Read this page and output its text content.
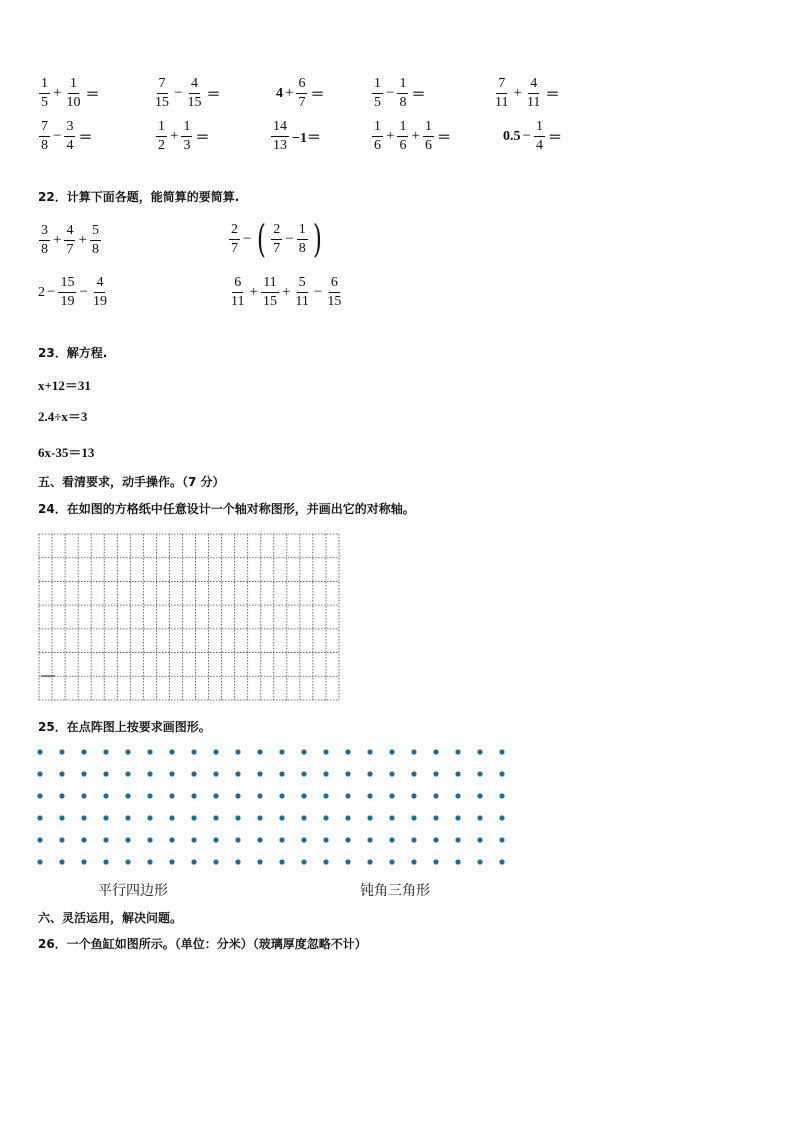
$\frac{1}{5} + \frac{1}{10}$ ＝	$\frac{7}{15} - \frac{4}{15}$ ＝	$4 + \frac{6}{7}$ ＝	$\frac{1}{5} - \frac{1}{8}$ ＝	$\frac{7}{11} + \frac{4}{11}$ ＝
$\frac{7}{8} - \frac{3}{4}$ ＝	$\frac{1}{2} + \frac{1}{3}$ ＝	$\frac{14}{13} -1=$	$\frac{1}{6} + \frac{1}{6} + \frac{1}{6}$ ＝	$0.5 - \frac{1}{4}$ ＝
22．计算下面各题，能简算的要简算.
$\frac{3}{8} + \frac{4}{7} + \frac{5}{8}$	$\frac{2}{7}$ − ( $\frac{2}{7} - \frac{1}{8}$ )
$2 - \frac{15}{19} - \frac{4}{19}$	$\frac{6}{11} + \frac{11}{15} + \frac{5}{11} - \frac{6}{15}$
23．解方程.
x+12＝31
2.4÷x＝3
6x-35＝13
五、看清要求，动手操作。（7 分）
24．在如图的方格纸中任意设计一个轴对称图形，并画出它的对称轴。
25．在点阵图上按要求画图形。
平行四边形	钝角三角形
六、灵活运用，解决问题。
26．一个鱼缸如图所示。（单位：分米）（玻璃厚度忽略不计）
